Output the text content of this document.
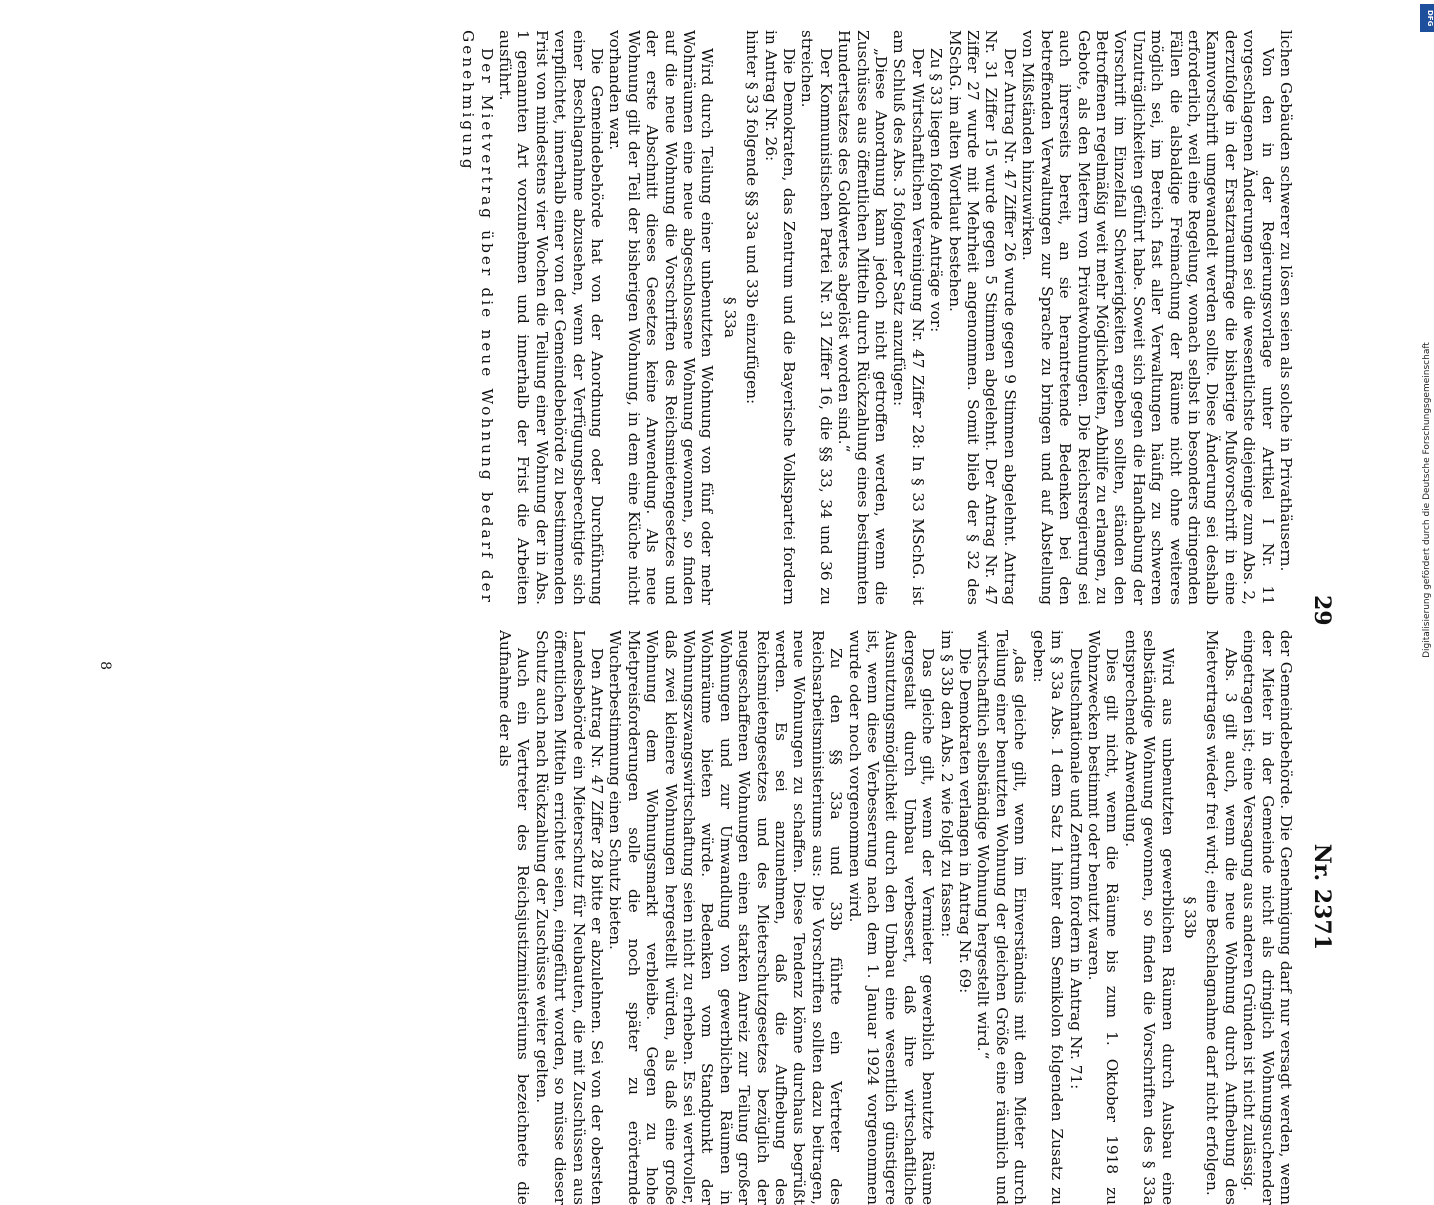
29
Nr. 2371

lichen Gebäuden schwerer zu lösen seien als solche in Privathäusern.

Von den in der Regierungsvorlage unter Artikel I Nr. 11 vorgeschlagenen Änderungen sei die wesentlichste diejenige zum Abs. 2, derzufolge in der Ersatzraumfrage die bisherige Mußvorschrift in eine Kannvorschrift umgewandelt werden sollte. Diese Änderung sei deshalb erforderlich, weil eine Regelung, wonach selbst in besonders dringenden Fällen die alsbaldige Freimachung der Räume nicht ohne weiteres möglich sei, im Bereich fast aller Verwaltungen häufig zu schweren Unzuträglichkeiten geführt habe. Soweit sich gegen die Handhabung der Vorschrift im Einzelfall Schwierigkeiten ergeben sollten, ständen den Betroffenen regelmäßig weit mehr Möglichkeiten, Abhilfe zu erlangen, zu Gebote, als den Mietern von Privatwohnungen. Die Reichsregierung sei auch ihrerseits bereit, an sie herantretende Bedenken bei den betreffenden Verwaltungen zur Sprache zu bringen und auf Abstellung von Mißständen hinzuwirken.

Der Antrag Nr. 47 Ziffer 26 wurde gegen 9 Stimmen abgelehnt. Antrag Nr. 31 Ziffer 15 wurde gegen 5 Stimmen abgelehnt. Der Antrag Nr. 47 Ziffer 27 wurde mit Mehrheit angenommen. Somit blieb der § 32 des MSchG. im alten Wortlaut bestehen.

Zu § 33 liegen folgende Anträge vor:

Der Wirtschaftlichen Vereinigung Nr. 47 Ziffer 28: In § 33 MSchG. ist am Schluß des Abs. 3 folgender Satz anzufügen:

„Diese Anordnung kann jedoch nicht getroffen werden, wenn die Zuschüsse aus öffentlichen Mitteln durch Rückzahlung eines bestimmten Hundertsatzes des Goldwertes abgelöst worden sind.“

Der Kommunistischen Partei Nr. 31 Ziffer 16, die §§ 33, 34 und 36 zu streichen.

Die Demokraten, das Zentrum und die Bayerische Volkspartei fordern in Antrag Nr. 26:

hinter § 33 folgende §§ 33a und 33b einzufügen:

§ 33a

Wird durch Teilung einer unbenutzten Wohnung von fünf oder mehr Wohnräumen eine neue abgeschlossene Wohnung gewonnen, so finden auf die neue Wohnung die Vorschriften des Reichsmietengesetzes und der erste Abschnitt dieses Gesetzes keine Anwendung. Als neue Wohnung gilt der Teil der bisherigen Wohnung, in dem eine Küche nicht vorhanden war.

Die Gemeindebehörde hat von der Anordnung oder Durchführung einer Beschlagnahme abzusehen, wenn der Verfügungsberechtigte sich verpflichtet, innerhalb einer von der Gemeindebehörde zu bestimmenden Frist von mindestens vier Wochen die Teilung einer Wohnung der in Abs. 1 genannten Art vorzunehmen und innerhalb der Frist die Arbeiten ausführt.

Der Mietvertrag über die neue Wohnung bedarf der Genehmigung

der Gemeindebehörde. Die Genehmigung darf nur versagt werden, wenn der Mieter in der Gemeinde nicht als dringlich Wohnungsuchender eingetragen ist; eine Versagung aus anderen Gründen ist nicht zulässig.

Abs. 3 gilt auch, wenn die neue Wohnung durch Aufhebung des Mietvertrages wieder frei wird; eine Beschlagnahme darf nicht erfolgen.

§ 33b

Wird aus unbenutzten gewerblichen Räumen durch Ausbau eine selbständige Wohnung gewonnen, so finden die Vorschriften des § 33a entsprechende Anwendung.

Dies gilt nicht, wenn die Räume bis zum 1. Oktober 1918 zu Wohnzwecken bestimmt oder benutzt waren.

Deutschnationale und Zentrum fordern in Antrag Nr. 71:

im § 33a Abs. 1 dem Satz 1 hinter dem Semikolon folgenden Zusatz zu geben:

„das gleiche gilt, wenn im Einverständnis mit dem Mieter durch Teilung einer benutzten Wohnung der gleichen Größe eine räumlich und wirtschaftlich selbständige Wohnung hergestellt wird.“

Die Demokraten verlangen in Antrag Nr. 69:

im § 33b den Abs. 2 wie folgt zu fassen:

Das gleiche gilt, wenn der Vermieter gewerblich benutzte Räume dergestalt durch Umbau verbessert, daß ihre wirtschaftliche Ausnutzungsmöglichkeit durch den Umbau eine wesentlich günstigere ist, wenn diese Verbesserung nach dem 1. Januar 1924 vorgenommen wurde oder noch vorgenommen wird.

Zu den §§ 33a und 33b führte ein Vertreter des Reichsarbeitsministeriums aus: Die Vorschriften sollten dazu beitragen, neue Wohnungen zu schaffen. Diese Tendenz könne durchaus begrüßt werden. Es sei anzunehmen, daß die Aufhebung des Reichsmietengesetzes und des Mieterschutzgesetzes bezüglich der neugeschaffenen Wohnungen einen starken Anreiz zur Teilung großer Wohnungen und zur Umwandlung von gewerblichen Räumen in Wohnräume bieten würde. Bedenken vom Standpunkt der Wohnungszwangswirtschaftung seien nicht zu erheben. Es sei wertvoller, daß zwei kleinere Wohnungen hergestellt würden, als daß eine große Wohnung dem Wohnungsmarkt verbleibe. Gegen zu hohe Mietpreisforderungen solle die noch später zu erörternde Wucherbestimmung einen Schutz bieten.

Den Antrag Nr. 47 Ziffer 28 bitte er abzulehnen. Sei von der obersten Landesbehörde ein Mieterschutz für Neubauten, die mit Zuschüssen aus öffentlichen Mitteln errichtet seien, eingeführt worden, so müsse dieser Schutz auch nach Rückzahlung der Zuschüsse weiter gelten.

Auch ein Vertreter des Reichsjustizministeriums bezeichnete die Aufnahme der als

8
DFG
Digitalisierung gefördert durch die Deutsche Forschungsgemeinschaft
